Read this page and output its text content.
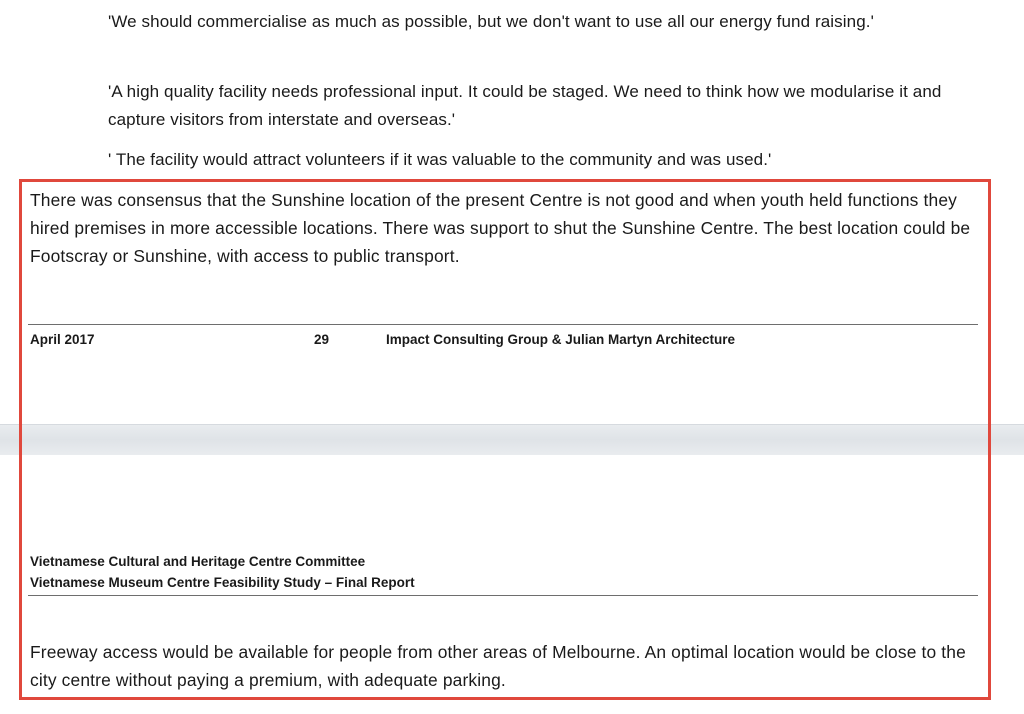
'We should commercialise as much as possible, but we don't want to use all our energy fund raising.'

'A high quality facility needs professional input. It could be staged. We need to think how we modularise it and capture visitors from interstate and overseas.'

' The facility would attract volunteers if it was valuable to the community and was used.'

There was consensus that the Sunshine location of the present Centre is not good and when youth held functions they hired premises in more accessible locations. There was support to shut the Sunshine Centre. The best location could be Footscray or Sunshine, with access to public transport.

April 2017	29	Impact Consulting Group & Julian Martyn Architecture
Vietnamese Cultural and Heritage Centre Committee
Vietnamese Museum Centre Feasibility Study – Final Report

Freeway access would be available for people from other areas of Melbourne. An optimal location would be close to the city centre without paying a premium, with adequate parking.
